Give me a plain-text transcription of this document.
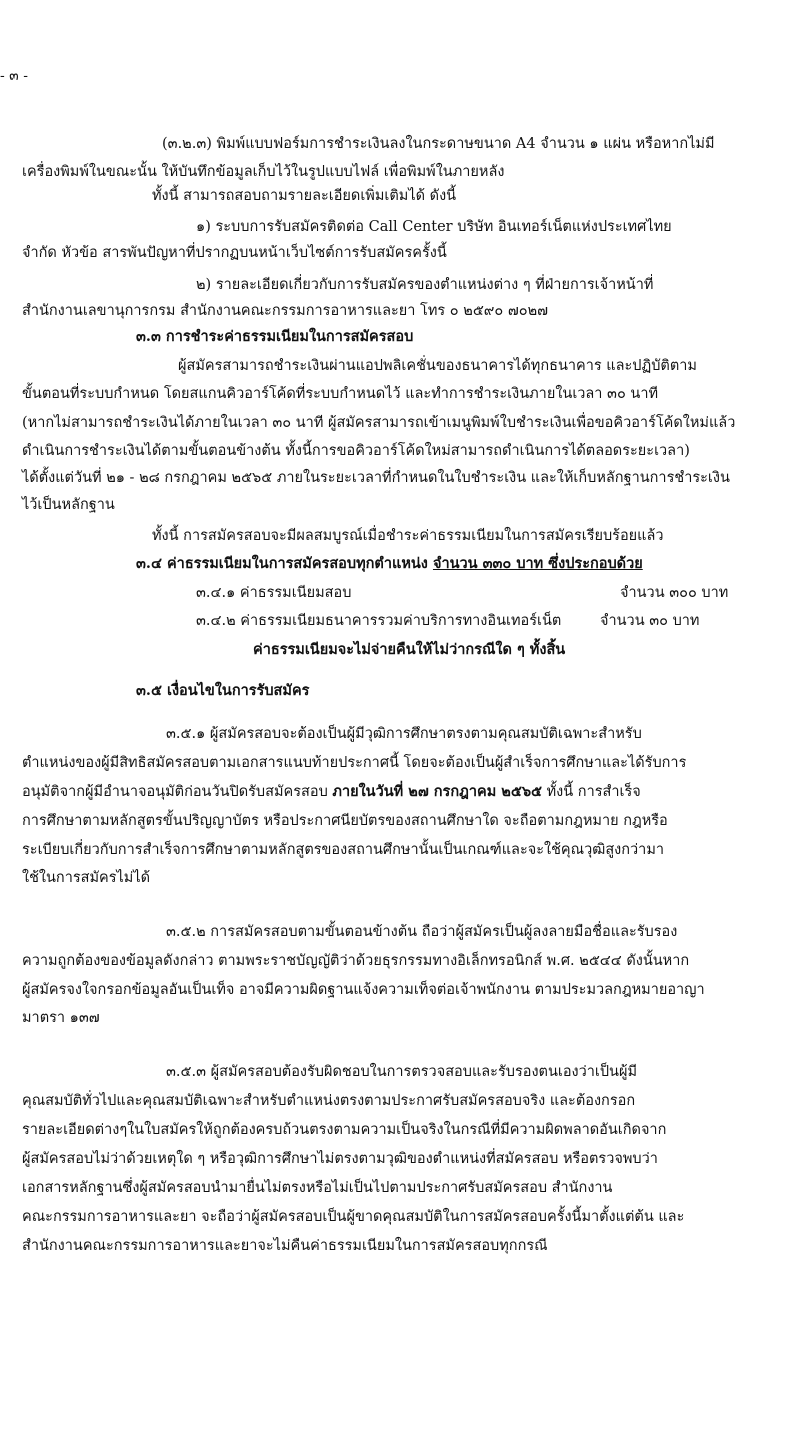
- ๓ -
(๓.๒.๓) พิมพ์แบบฟอร์มการชำระเงินลงในกระดาษขนาด A4 จำนวน ๑ แผ่น หรือหากไม่มี
เครื่องพิมพ์ในขณะนั้น ให้บันทึกข้อมูลเก็บไว้ในรูปแบบไฟล์ เพื่อพิมพ์ในภายหลัง
ทั้งนี้ สามารถสอบถามรายละเอียดเพิ่มเติมได้ ดังนี้
๑) ระบบการรับสมัครติดต่อ Call Center บริษัท อินเทอร์เน็ตแห่งประเทศไทย
จำกัด หัวข้อ สารพันปัญหาที่ปรากฏบนหน้าเว็บไซต์การรับสมัครครั้งนี้
๒) รายละเอียดเกี่ยวกับการรับสมัครของตำแหน่งต่าง ๆ ที่ฝ่ายการเจ้าหน้าที่
สำนักงานเลขานุการกรม สำนักงานคณะกรรมการอาหารและยา โทร ๐ ๒๕๙๐ ๗๐๒๗
๓.๓ การชำระค่าธรรมเนียมในการสมัครสอบ
ผู้สมัครสามารถชำระเงินผ่านแอปพลิเคชั่นของธนาคารได้ทุกธนาคาร และปฏิบัติตาม
ขั้นตอนที่ระบบกำหนด โดยสแกนคิวอาร์โค้ดที่ระบบกำหนดไว้ และทำการชำระเงินภายในเวลา ๓๐ นาที
(หากไม่สามารถชำระเงินได้ภายในเวลา ๓๐ นาที ผู้สมัครสามารถเข้าเมนูพิมพ์ใบชำระเงินเพื่อขอคิวอาร์โค้ดใหม่แล้ว
ดำเนินการชำระเงินได้ตามขั้นตอนข้างต้น ทั้งนี้การขอคิวอาร์โค้ดใหม่สามารถดำเนินการได้ตลอดระยะเวลา)
ได้ตั้งแต่วันที่ ๒๑ - ๒๘ กรกฎาคม ๒๕๖๕ ภายในระยะเวลาที่กำหนดในใบชำระเงิน และให้เก็บหลักฐานการชำระเงิน
ไว้เป็นหลักฐาน
ทั้งนี้ การสมัครสอบจะมีผลสมบูรณ์เมื่อชำระค่าธรรมเนียมในการสมัครเรียบร้อยแล้ว
๓.๔ ค่าธรรมเนียมในการสมัครสอบทุกตำแหน่ง จำนวน ๓๓๐ บาท ซึ่งประกอบด้วย
๓.๔.๑ ค่าธรรมเนียมสอบ	จำนวน ๓๐๐ บาท
๓.๔.๒ ค่าธรรมเนียมธนาคารรวมค่าบริการทางอินเทอร์เน็ต	จำนวน ๓๐ บาท
ค่าธรรมเนียมจะไม่จ่ายคืนให้ไม่ว่ากรณีใด ๆ ทั้งสิ้น
๓.๕ เงื่อนไขในการรับสมัคร
๓.๕.๑ ผู้สมัครสอบจะต้องเป็นผู้มีวุฒิการศึกษาตรงตามคุณสมบัติเฉพาะสำหรับ
ตำแหน่งของผู้มีสิทธิสมัครสอบตามเอกสารแนบท้ายประกาศนี้ โดยจะต้องเป็นผู้สำเร็จการศึกษาและได้รับการ
อนุมัติจากผู้มีอำนาจอนุมัติก่อนวันปิดรับสมัครสอบ ภายในวันที่ ๒๗ กรกฎาคม ๒๕๖๕ ทั้งนี้ การสำเร็จ
การศึกษาตามหลักสูตรขั้นปริญญาบัตร หรือประกาศนียบัตรของสถานศึกษาใด จะถือตามกฎหมาย กฎหรือ
ระเบียบเกี่ยวกับการสำเร็จการศึกษาตามหลักสูตรของสถานศึกษานั้นเป็นเกณฑ์และจะใช้คุณวุฒิสูงกว่ามา
ใช้ในการสมัครไม่ได้
๓.๕.๒ การสมัครสอบตามขั้นตอนข้างต้น ถือว่าผู้สมัครเป็นผู้ลงลายมือชื่อและรับรอง
ความถูกต้องของข้อมูลดังกล่าว ตามพระราชบัญญัติว่าด้วยธุรกรรมทางอิเล็กทรอนิกส์ พ.ศ. ๒๕๔๔ ดังนั้นหาก
ผู้สมัครจงใจกรอกข้อมูลอันเป็นเท็จ อาจมีความผิดฐานแจ้งความเท็จต่อเจ้าพนักงาน ตามประมวลกฎหมายอาญา
มาตรา ๑๓๗
๓.๕.๓ ผู้สมัครสอบต้องรับผิดชอบในการตรวจสอบและรับรองตนเองว่าเป็นผู้มี
คุณสมบัติทั่วไปและคุณสมบัติเฉพาะสำหรับตำแหน่งตรงตามประกาศรับสมัครสอบจริง และต้องกรอก
รายละเอียดต่างๆในใบสมัครให้ถูกต้องครบถ้วนตรงตามความเป็นจริงในกรณีที่มีความผิดพลาดอันเกิดจาก
ผู้สมัครสอบไม่ว่าด้วยเหตุใด ๆ หรือวุฒิการศึกษาไม่ตรงตามวุฒิของตำแหน่งที่สมัครสอบ หรือตรวจพบว่า
เอกสารหลักฐานซึ่งผู้สมัครสอบนำมายื่นไม่ตรงหรือไม่เป็นไปตามประกาศรับสมัครสอบ สำนักงาน
คณะกรรมการอาหารและยา จะถือว่าผู้สมัครสอบเป็นผู้ขาดคุณสมบัติในการสมัครสอบครั้งนี้มาตั้งแต่ต้น และ
สำนักงานคณะกรรมการอาหารและยาจะไม่คืนค่าธรรมเนียมในการสมัครสอบทุกกรณี
